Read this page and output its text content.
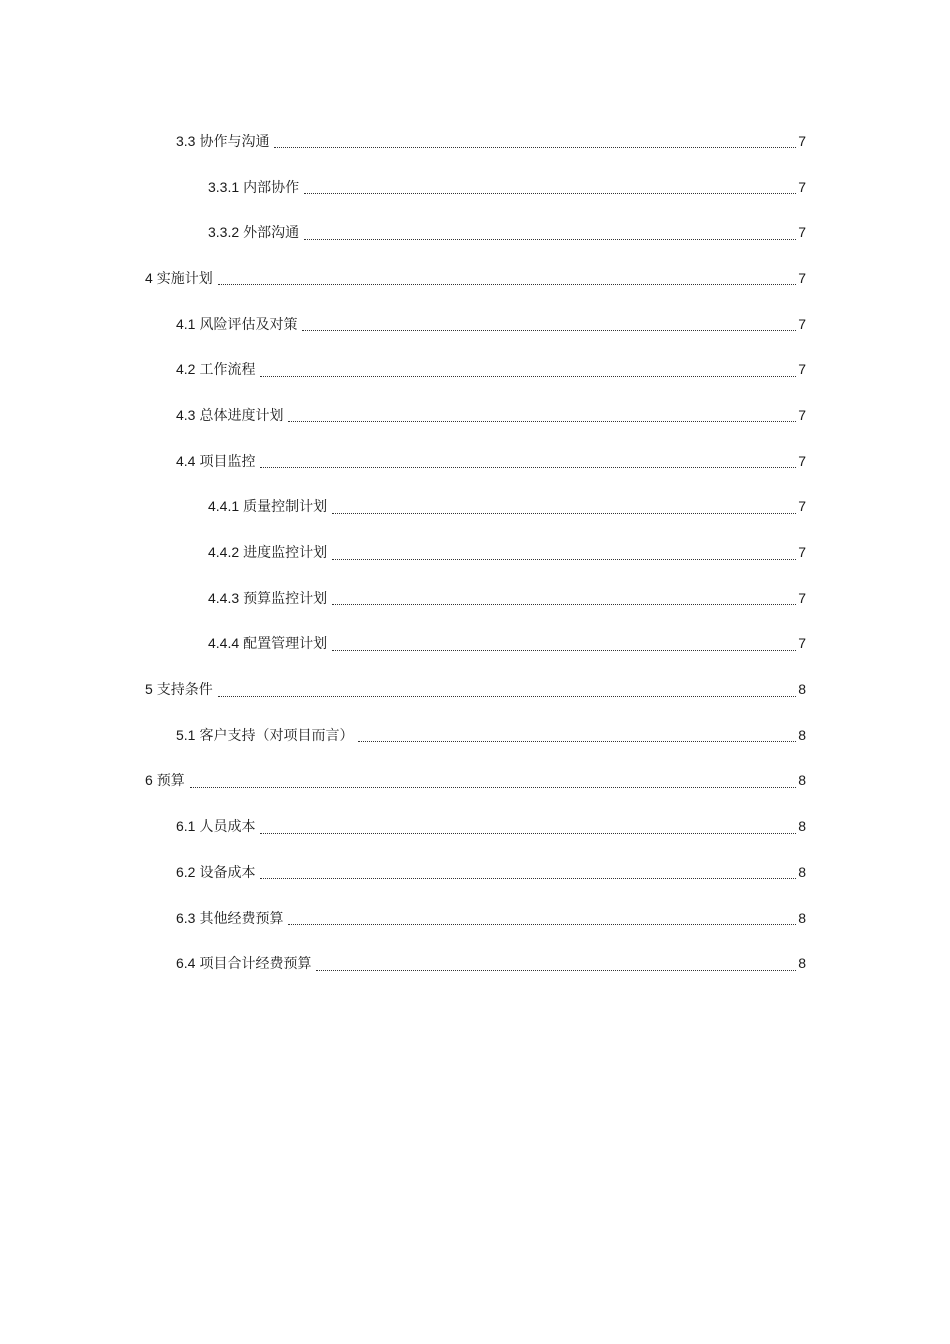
3.3 协作与沟通	7
3.3.1 内部协作	7
3.3.2 外部沟通	7
4 实施计划	7
4.1 风险评估及对策	7
4.2 工作流程	7
4.3 总体进度计划	7
4.4 项目监控	7
4.4.1 质量控制计划	7
4.4.2 进度监控计划	7
4.4.3 预算监控计划	7
4.4.4 配置管理计划	7
5 支持条件	8
5.1 客户支持（对项目而言）	8
6 预算	8
6.1 人员成本	8
6.2 设备成本	8
6.3 其他经费预算	8
6.4 项目合计经费预算	8
